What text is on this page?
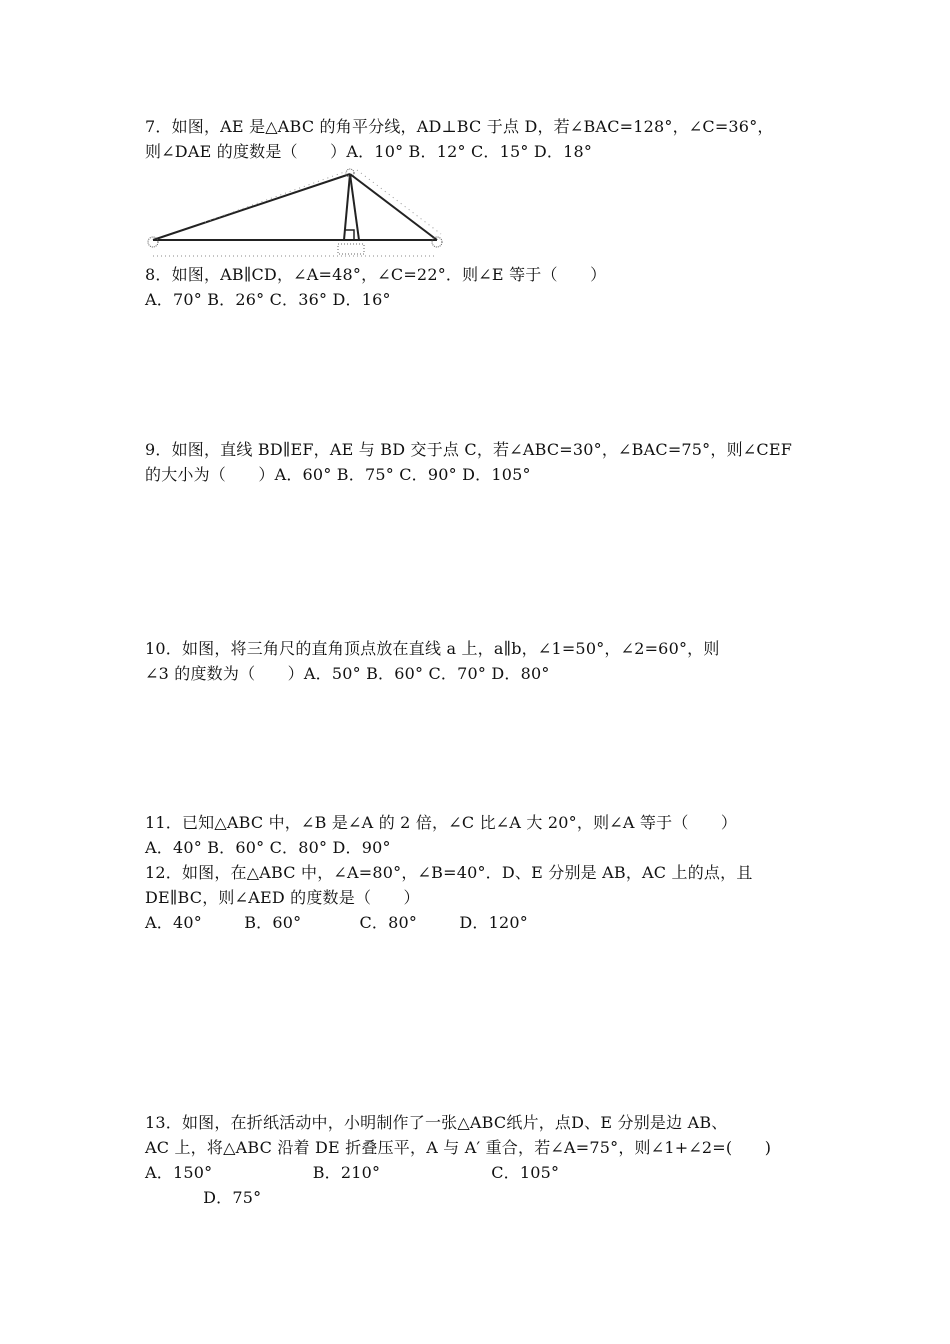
7．如图，AE 是△ABC 的角平分线，AD⊥BC 于点 D，若∠BAC=128°，∠C=36°，
则∠DAE 的度数是（　　）A．10° B．12° C．15° D．18°
8．如图，AB∥CD，∠A=48°，∠C=22°．则∠E 等于（　　）
A．70° B．26° C．36° D．16°
9．如图，直线 BD∥EF，AE 与 BD 交于点 C，若∠ABC=30°，∠BAC=75°，则∠CEF
的大小为（　　）A．60° B．75° C．90° D．105°
10．如图，将三角尺的直角顶点放在直线 a 上，a∥b，∠1=50°，∠2=60°，则
∠3 的度数为（　　）A．50° B．60° C．70° D．80°
11．已知△ABC 中，∠B 是∠A 的 2 倍，∠C 比∠A 大 20°，则∠A 等于（　　）
A．40° B．60° C．80° D．90°
12．如图，在△ABC 中，∠A=80°，∠B=40°．D、E 分别是 AB，AC 上的点，且
DE∥BC，则∠AED 的度数是（　　）
A．40°        B．60°           C．80°        D．120°
13．如图，在折纸活动中，小明制作了一张△ABC纸片，点D、E 分别是边 AB、
AC 上，将△ABC 沿着 DE 折叠压平，A 与 A′ 重合，若∠A=75°，则∠1+∠2=(　　)
A．150°                   B．210°                     C．105°
D．75°
